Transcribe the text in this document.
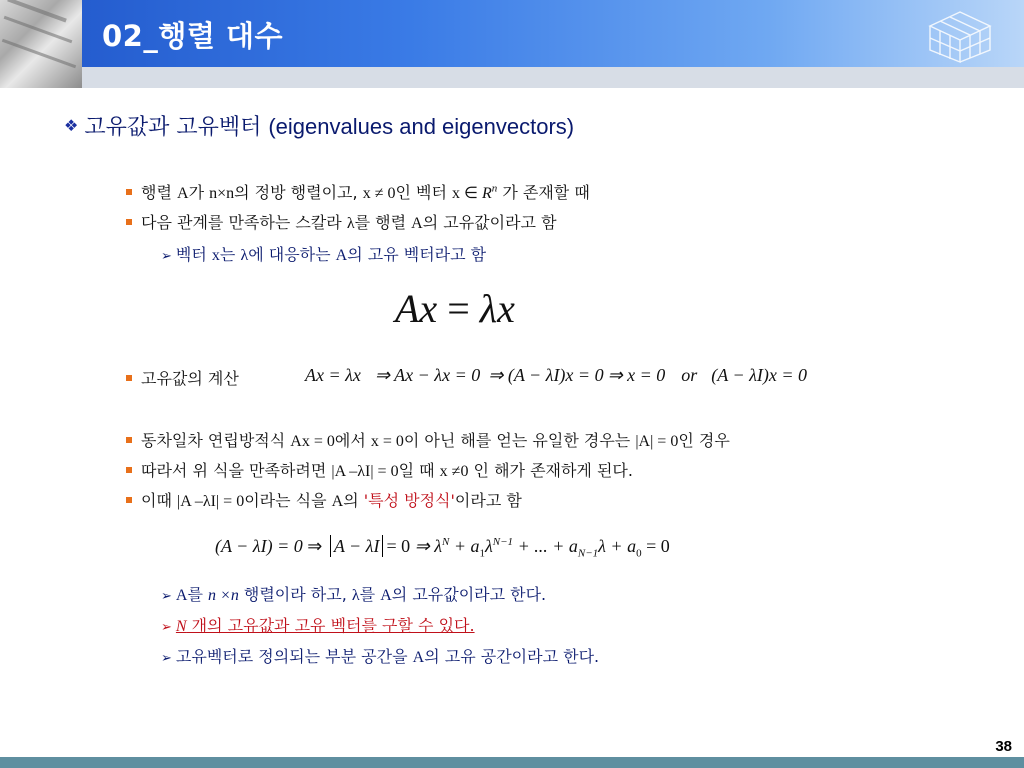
02_행렬 대수
❖ 고유값과 고유벡터 (eigenvalues and eigenvectors)
행렬 A가 n×n의 정방 행렬이고, x ≠ 0인 벡터 x ∈ $R^n$ 가 존재할 때
다음 관계를 만족하는 스칼라 λ를 행렬 A의 고유값이라고 함
➢ 벡터 x는 λ에 대응하는 A의 고유 벡터라고 함
Ax = λx
고유값의 계산	Ax = λx ⇒ Ax − λx = 0 ⇒ (A − λI)x = 0 ⇒ x = 0 or (A − λI)x = 0
동차일차 연립방적식 Ax = 0에서 x = 0이 아닌 해를 얻는 유일한 경우는 |A| = 0인 경우
따라서 위 식을 만족하려면 |A –λI| = 0일 때 x ≠0 인 해가 존재하게 된다.
이때 |A –λI| = 0이라는 식을 A의 '특성 방정식'이라고 함
(A − λI) = 0 ⇒ A − λI = 0 ⇒ $\lambda^N + a_1\lambda^{N-1}$ + ... + $a_{N-1}\lambda + a_0 = 0$
➢ A를 n ×n 행렬이라 하고, λ를 A의 고유값이라고 한다.
➢ N 개의 고유값과 고유 벡터를 구할 수 있다.
➢ 고유벡터로 정의되는 부분 공간을 A의 고유 공간이라고 한다.
38
